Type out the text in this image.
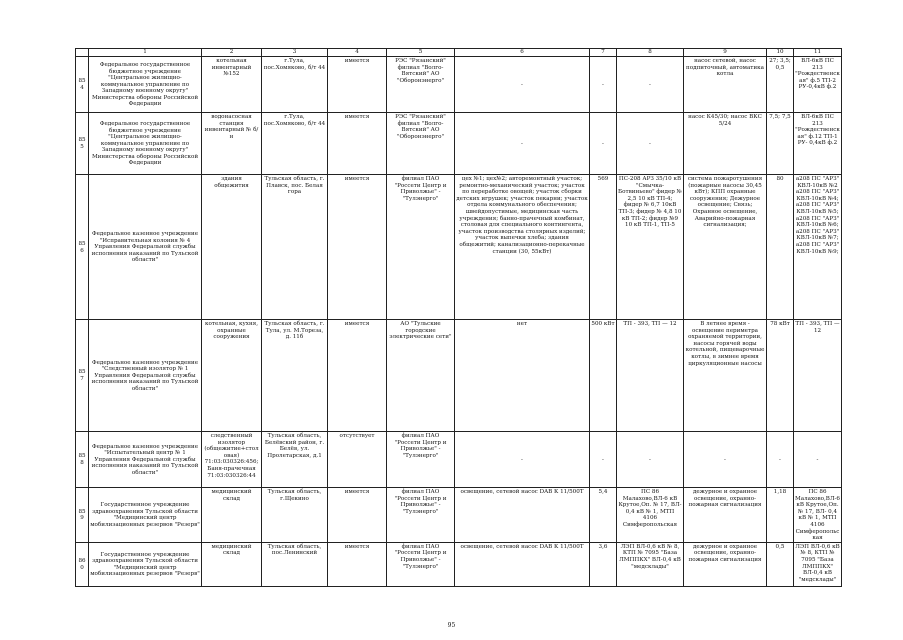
	1	2	3	4	5	6	7	8	9	10	11
854	Федеральное государственное бюджетное учреждение "Центральное жилищно-коммунальное управление по Западному военному округу" Министерства обороны Российской Федерации	котельная инвентарный №152	г.Тула, пос.Хомяково, б/т 44	имеется	РЭС "Рязанский" филиал "Волго-Вятский" АО "Оборонэнерго"	-	-	-	насос сетевой, насос подпиточный, автоматика котла	27; 3,5; 0,5	ВЛ-6кВ ПС 213 "Рождественская" ф.5 ТП-2 РУ-0,4кВ ф.2
855	Федеральное государственное бюджетное учреждение "Центральное жилищно-коммунальное управление по Западному военному округу" Министерства обороны Российской Федерации	водонасосная станция инвентарный № б/н	г.Тула, пос.Хомяково, б/т 44	имеется	РЭС "Рязанский" филиал "Волго-Вятский" АО "Оборонэнерго"	-	-	-	насос К45/30; насос ВКС 5/24	7,5; 7,5	ВЛ-6кВ ПС 213 "Рождественская" ф.12 ТП-1 РУ- 0,4кВ ф.2
856	Федеральное казенное учреждение "Исправительная колония № 4 Управления Федеральной службы исполнения наказаний по Тульской области"	здания общежития	Тульская область, г. Плавск, пос. Белая гора	имеется	филиал ПАО "Россети Центр и Приволжье" - "Тулэнерго"	цех №1; цех№2; авторемонтный участок; ремонтно-механический участок; участок по переработке овощей; участок сборки детских игрушек; участок пекарни; участок отдела коммунального обеспечения; швейдопустимые, медицинская часть учреждения; банно-прачечный комбинат, столовая для специального контингента, участок производства столярных изделий; участок выпечки хлеба; здания общежитий; канализационно-перекачные станции (30, 55кВт)	569	ПС-208 АРЗ 35/10 кВ "Смычка-Ботвиньево" фидер № 2,5 10 кВ ТП-4; фидер № 6,7 10кВ ТП-3; фидер № 4,8 10 кВ ТП-2; фидер №9 10 кВ ТП-1, ТП-5	система пожаротушения (пожарные насосы 30,45 кВт); КПП охранные сооружения; Дежурное освещение; Связь; Охранное освещение, Аварийно-пожарная сигнализация;	80	а208 ПС "АРЗ" КВЛ-10кВ №2 а208 ПС "АРЗ" КВЛ-10кВ №4; а208 ПС "АРЗ" КВЛ-10кВ №5; а208 ПС "АРЗ" КВЛ-10кВ №6; а208 ПС "АРЗ" КВЛ-10кВ №7; а208 ПС "АРЗ" КВЛ-10кВ №9;
857	Федеральное казенное учреждение "Следственный изолятор № 1 Управления Федеральной службы исполнения наказаний по Тульской области"	котельная, кухня, охранные сооружения	Тульская область, г. Тула, ул. М.Тореза, д. 11б	имеется	АО "Тульские городские электрические сети"	нет	500 кВт	ТП - 393, ТП — 12	В летнее время - освещение периметра охраняемой территории, насосы горячей воды котельной, пищеварочные котлы, в зимнее время циркуляционные насосы	78 кВт	ТП - 393, ТП — 12
858	Федеральное казенное учреждение "Испытательный центр № 1 Управления Федеральной службы исполнения наказаний по Тульской области"	следственный изолятор (общежитие+столовая) 71:03:030326:456; Баня-прачечная 71:03:030326:44	Тульская область, Белёвский район, г. Белёв, ул. Пролетарская, д.1	отсутствует	филиал ПАО "Россети Центр и Приволжье" - "Тулэнерго"	-	-	-	-	-	-
859	Государственное учреждение здравоохранения Тульской области "Медицинский центр мобилизационных резервов "Резерв"	медицинский склад	Тульская область, г.Щекино	имеется	филиал ПАО "Россети Центр и Приволжье" - "Тулэнерго"	освещение, сетевой насос DAB К 11/500Т	5,4	ПС 86 Малахово,ВЛ-6 кВ Крутое,Оп. № 17, ВЛ- 0,4 кВ № 1, МТП 4106 Симферопольская	дежурное и охранное освещение, охранно-пожарная сигнализация	1,18	ПС 86 Малахово,ВЛ-6 кВ Крутое,Оп. № 17, ВЛ- 0,4 кВ № 1, МТП 4106 Симферопольская
860	Государственное учреждение здравоохранения Тульской области "Медицинский центр мобилизационных резервов "Резерв"	медицинский склад	Тульская область, пос.Ленинский	имеется	филиал ПАО "Россети Центр и Приволжье" - "Тулэнерго"	освещение, сетевой насос DAB К 11/500Т	3,6	ЛЭП ВЛ-0,6 кВ № 8, КТП № 7095 "База ЛМППКХ" ВЛ-0,4 кВ "медсклады"	дежурное и охранное освещение, охранно-пожарная сигнализация	0,5	ЛЭП ВЛ-0,6 кВ № 8, КТП № 7095 "База ЛМППКХ" ВЛ-0,4 кВ "медсклады"
95
